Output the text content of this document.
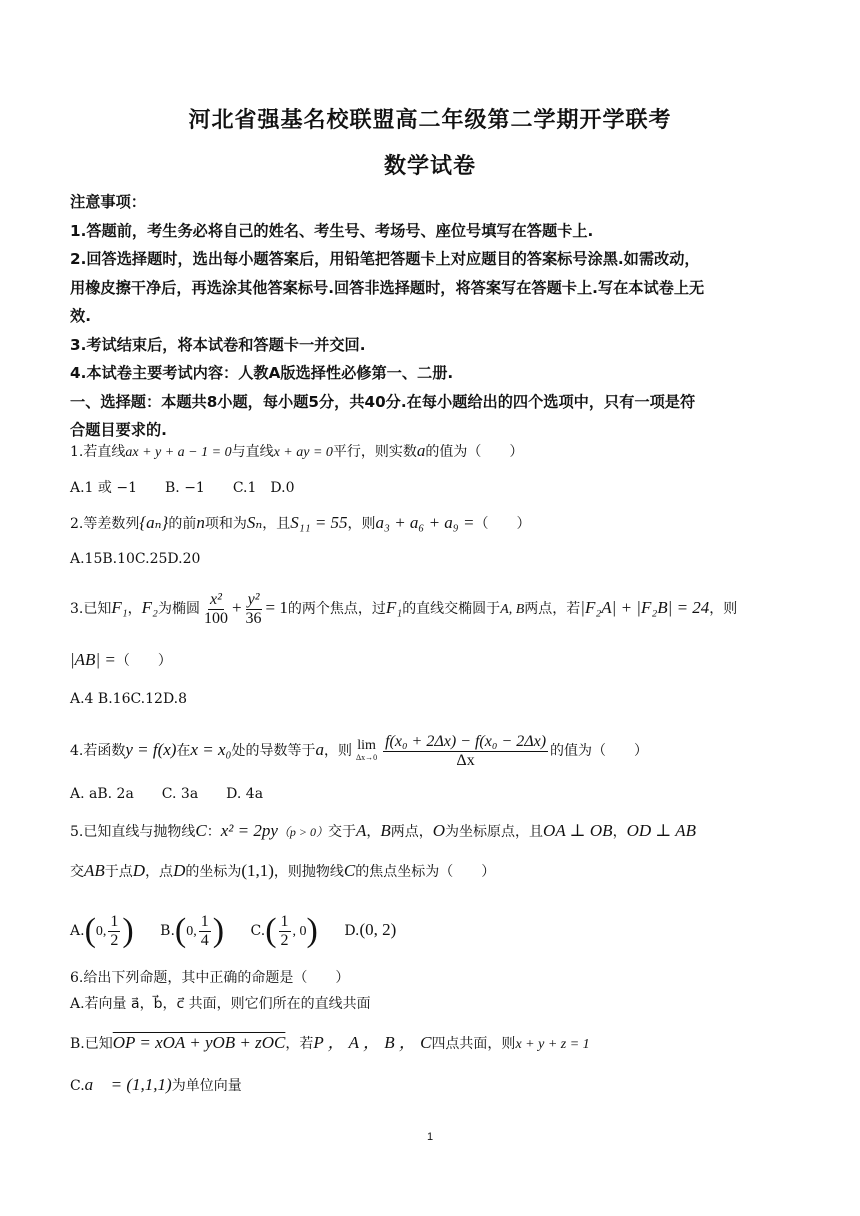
河北省强基名校联盟高二年级第二学期开学联考
数学试卷
注意事项：
1.答题前，考生务必将自己的姓名、考生号、考场号、座位号填写在答题卡上.
2.回答选择题时，选出每小题答案后，用铅笔把答题卡上对应题目的答案标号涂黑.如需改动，
用橡皮擦干净后，再选涂其他答案标号.回答非选择题时，将答案写在答题卡上.写在本试卷上无
效.
3.考试结束后，将本试卷和答题卡一并交回.
4.本试卷主要考试内容：人教A版选择性必修第一、二册.
一、选择题：本题共8小题，每小题5分，共40分.在每小题给出的四个选项中，只有一项是符
合题目要求的.
1.若直线ax + y + a − 1 = 0与直线x + ay = 0平行，则实数a的值为（　　）
A.1 或 −1　　B. −1　　C.1　D.0
2.等差数列{aₙ}的前n项和为Sₙ，且S₁₁ = 55，则a₃ + a₆ + a₉ =（　　）
A.15B.10C.25D.20
3.已知F₁，F₂为椭圆 $\frac{\text{x²}}{100} + \frac{\text{y²}}{36} = 1$的两个焦点，过F₁的直线交椭圆于A, B两点，若|F₂A| + |F₂B| = 24，则
|AB| =（　　）
A.4 B.16C.12D.8
4.若函数y = f(x)在x = x₀处的导数等于a，则 lim
$\Delta x\to 0 \frac{\text{f(x₀ + 2Δx) − f(x₀ − 2Δx)}}{\Delta x}$ 的值为（　　）
A. aB. 2a　　C. 3a　　D. 4a
5.已知直线与抛物线C：x² = 2py（p > 0）交于A，B两点，O为坐标原点，且OA ⊥ OB，OD ⊥ AB
交AB于点D，点D的坐标为(1,1)，则抛物线C的焦点坐标为（　　）
A.(0, $\frac{1}{2}$ ) B.(0, $\frac{1}{4}$ ) $C.( \frac{1}{2}$ , 0) D.(0, 2)
6.给出下列命题，其中正确的命题是（　　）
A.若向量 a⃗，b⃗，c⃗ 共面，则它们所在的直线共面
B.已知OP = xOA + yOB + zOC，若P ， A ， B ， C四点共面，则x + y + z = 1
C.a⃗ = (1,1,1)为单位向量
1
